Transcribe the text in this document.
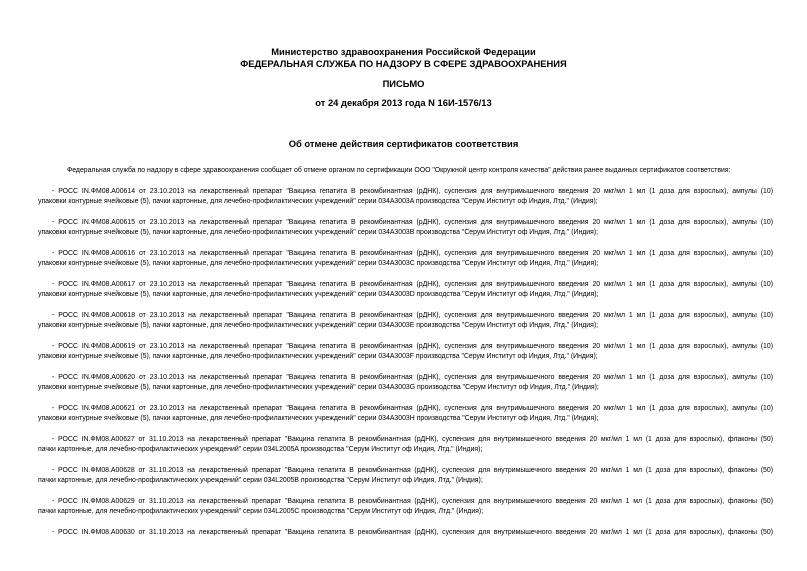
Министерство здравоохранения Российской Федерации
ФЕДЕРАЛЬНАЯ СЛУЖБА ПО НАДЗОРУ В СФЕРЕ ЗДРАВООХРАНЕНИЯ
ПИСЬМО
от 24 декабря 2013 года N 16И-1576/13
Об отмене действия сертификатов соответствия
Федеральная служба по надзору в сфере здравоохранения сообщает об отмене органом по сертификации ООО "Окружной центр контроля качества" действия ранее выданных сертификатов соответствия:
- РОСС IN.ФМ08.А00614 от 23.10.2013 на лекарственный препарат "Вакцина гепатита В рекомбинантная (рДНК), суспензия для внутримышечного введения 20 мкг/мл 1 мл (1 доза для взрослых), ампулы (10)
упаковки контурные ячейковые (5), пачки картонные, для лечебно-профилактических учреждений" серии 034A3003A производства "Серум Институт оф Индия, Лтд." (Индия);
- РОСС IN.ФМ08.А00615 от 23.10.2013 на лекарственный препарат "Вакцина гепатита В рекомбинантная (рДНК), суспензия для внутримышечного введения 20 мкг/мл 1 мл (1 доза для взрослых), ампулы (10)
упаковки контурные ячейковые (5), пачки картонные, для лечебно-профилактических учреждений" серии 034A3003B производства "Серум Институт оф Индия, Лтд." (Индия);
- РОСС IN.ФМ08.А00616 от 23.10.2013 на лекарственный препарат "Вакцина гепатита В рекомбинантная (рДНК), суспензия для внутримышечного введения 20 мкг/мл 1 мл (1 доза для взрослых), ампулы (10)
упаковки контурные ячейковые (5), пачки картонные, для лечебно-профилактических учреждений" серии 034A3003C производства "Серум Институт оф Индия, Лтд." (Индия);
- РОСС IN.ФМ08.А00617 от 23.10.2013 на лекарственный препарат "Вакцина гепатита В рекомбинантная (рДНК), суспензия для внутримышечного введения 20 мкг/мл 1 мл (1 доза для взрослых), ампулы (10)
упаковки контурные ячейковые (5), пачки картонные, для лечебно-профилактических учреждений" серии 034A3003D производства "Серум Институт оф Индия, Лтд." (Индия);
- РОСС IN.ФМ08.А00618 от 23.10.2013 на лекарственный препарат "Вакцина гепатита В рекомбинантная (рДНК), суспензия для внутримышечного введения 20 мкг/мл 1 мл (1 доза для взрослых), ампулы (10)
упаковки контурные ячейковые (5), пачки картонные, для лечебно-профилактических учреждений" серии 034A3003E производства "Серум Институт оф Индия, Лтд." (Индия);
- РОСС IN.ФМ08.А00619 от 23.10.2013 на лекарственный препарат "Вакцина гепатита В рекомбинантная (рДНК), суспензия для внутримышечного введения 20 мкг/мл 1 мл (1 доза для взрослых), ампулы (10)
упаковки контурные ячейковые (5), пачки картонные, для лечебно-профилактических учреждений" серии 034A3003F производства "Серум Институт оф Индия, Лтд." (Индия);
- РОСС IN.ФМ08.А00620 от 23.10.2013 на лекарственный препарат "Вакцина гепатита В рекомбинантная (рДНК), суспензия для внутримышечного введения 20 мкг/мл 1 мл (1 доза для взрослых), ампулы (10)
упаковки контурные ячейковые (5), пачки картонные, для лечебно-профилактических учреждений" серии 034A3003G производства "Серум Институт оф Индия, Лтд." (Индия);
- РОСС IN.ФМ08.А00621 от 23.10.2013 на лекарственный препарат "Вакцина гепатита В рекомбинантная (рДНК), суспензия для внутримышечного введения 20 мкг/мл 1 мл (1 доза для взрослых), ампулы (10)
упаковки контурные ячейковые (5), пачки картонные, для лечебно-профилактических учреждений" серии 034A3003H производства "Серум Институт оф Индия, Лтд." (Индия);
- РОСС IN.ФМ08.А00627 от 31.10.2013 на лекарственный препарат "Вакцина гепатита В рекомбинантная (рДНК), суспензия для внутримышечного введения 20 мкг/мл 1 мл (1 доза для взрослых), флаконы (50)
пачки картонные, для лечебно-профилактических учреждений" серии 034L2005A производства "Серум Институт оф Индия, Лтд." (Индия);
- РОСС IN.ФМ08.А00628 от 31.10.2013 на лекарственный препарат "Вакцина гепатита В рекомбинантная (рДНК), суспензия для внутримышечного введения 20 мкг/мл 1 мл (1 доза для взрослых), флаконы (50)
пачки картонные, для лечебно-профилактических учреждений" серии 034L2005B производства "Серум Институт оф Индия, Лтд." (Индия);
- РОСС IN.ФМ08.А00629 от 31.10.2013 на лекарственный препарат "Вакцина гепатита В рекомбинантная (рДНК), суспензия для внутримышечного введения 20 мкг/мл 1 мл (1 доза для взрослых), флаконы (50)
пачки картонные, для лечебно-профилактических учреждений" серии 034L2005C производства "Серум Институт оф Индия, Лтд." (Индия);
- РОСС IN.ФМ08.А00630 от 31.10.2013 на лекарственный препарат "Вакцина гепатита В рекомбинантная (рДНК), суспензия для внутримышечного введения 20 мкг/мл 1 мл (1 доза для взрослых), флаконы (50)
